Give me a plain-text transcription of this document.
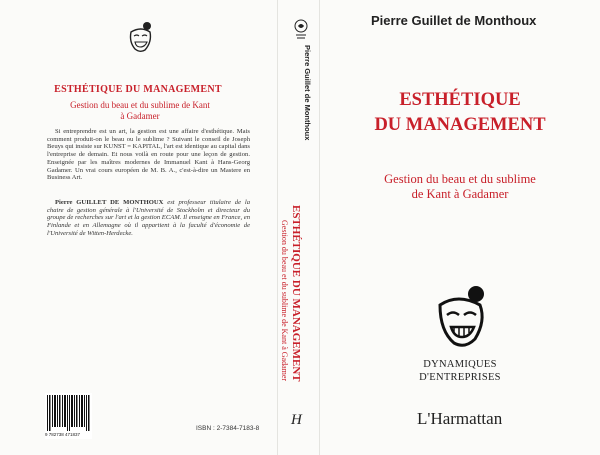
ESTHÉTIQUE DU MANAGEMENT
Gestion du beau et du sublime de Kant à Gadamer

Si entreprendre est un art, la gestion est une affaire d'esthétique. Mais comment produit-on le beau ou le sublime ? Suivant le conseil de Joseph Beuys qui insiste sur KUNST = KAPITAL, l'art est identique au capital dans l'entreprise de demain. Et nous voilà en route pour une leçon de gestion. Enseignée par les maîtres modernes de Immanuel Kant à Hans-Georg Gadamer. Un vrai cours européen de M. B. A., c'est-à-dire un Mastere en Business Art.

Pierre GUILLET DE MONTHOUX est professeur titulaire de la chaire de gestion générale à l'Université de Stockholm et directeur du groupe de recherches sur l'art et la gestion ECAM. Il enseigne en France, en Finlande et en Allemagne où il appartient à la faculté d'économie de l'Université de Witten-Herdecke.

9 782738 471837
ISBN : 2-7384-7183-8
Pierre Guillet de Monthoux
ESTHÉTIQUE DU MANAGEMENT
Gestion du beau et du sublime de Kant à Gadamer
H
Pierre Guillet de Monthoux
ESTHÉTIQUE
DU MANAGEMENT
Gestion du beau et du sublime
de Kant à Gadamer
DYNAMIQUES
D'ENTREPRISES
L'Harmattan
